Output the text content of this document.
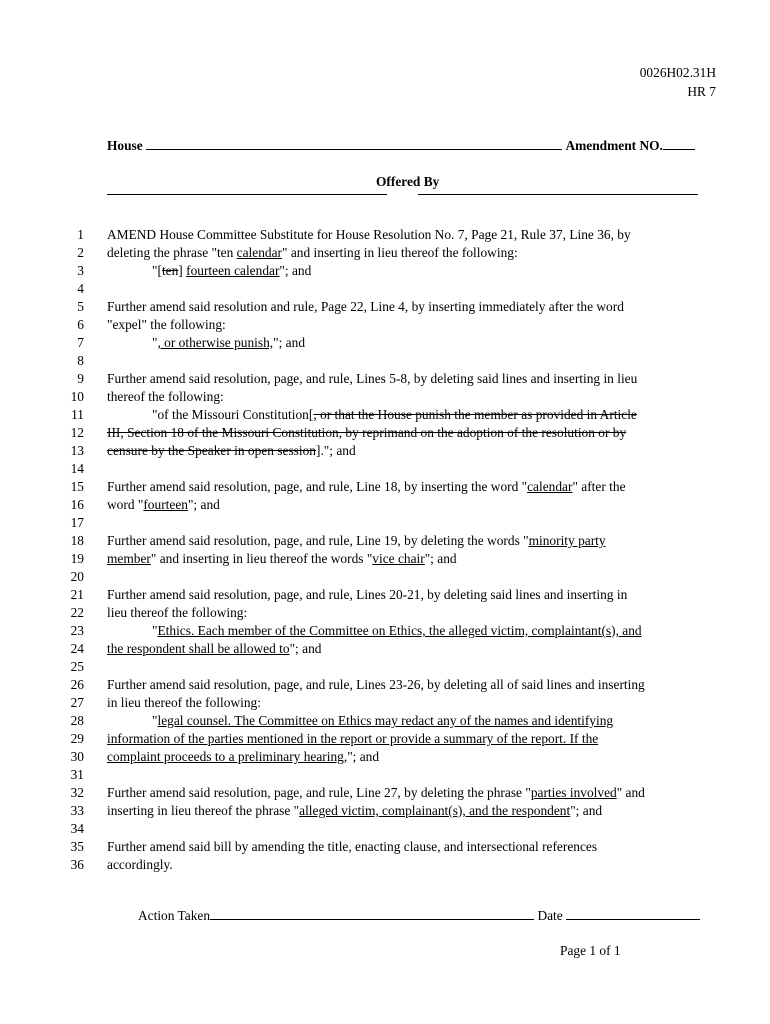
0026H02.31H
HR 7
House	Amendment NO.
Offered By
1
2
3
4
5
6
7
8
9
10
11
12
13
14
15
16
17
18
19
20
21
22
23
24
25
26
27
28
29
30
31
32
33
34
35
36
AMEND House Committee Substitute for House Resolution No. 7, Page 21, Rule 37, Line 36, by
deleting the phrase "ten calendar" and inserting in lieu thereof the following:
"[ten] fourteen calendar"; and
Further amend said resolution and rule, Page 22, Line 4, by inserting immediately after the word
"expel" the following:
", or otherwise punish,"; and
Further amend said resolution, page, and rule, Lines 5-8, by deleting said lines and inserting in lieu
thereof the following:
"of the Missouri Constitution[, or that the House punish the member as provided in Article
III, Section 18 of the Missouri Constitution, by reprimand on the adoption of the resolution or by
censure by the Speaker in open session]."; and
Further amend said resolution, page, and rule, Line 18, by inserting the word "calendar" after the
word "fourteen"; and
Further amend said resolution, page, and rule, Line 19, by deleting the words "minority party
member" and inserting in lieu thereof the words "vice chair"; and
Further amend said resolution, page, and rule, Lines 20-21, by deleting said lines and inserting in
lieu thereof the following:
"Ethics. Each member of the Committee on Ethics, the alleged victim, complaintant(s), and
the respondent shall be allowed to"; and
Further amend said resolution, page, and rule, Lines 23-26, by deleting all of said lines and inserting
in lieu thereof the following:
"legal counsel. The Committee on Ethics may redact any of the names and identifying
information of the parties mentioned in the report or provide a summary of the report. If the
complaint proceeds to a preliminary hearing,"; and
Further amend said resolution, page, and rule, Line 27, by deleting the phrase "parties involved" and
inserting in lieu thereof the phrase "alleged victim, complainant(s), and the respondent"; and
Further amend said bill by amending the title, enacting clause, and intersectional references
accordingly.
Action Taken	Date
Page 1 of 1
